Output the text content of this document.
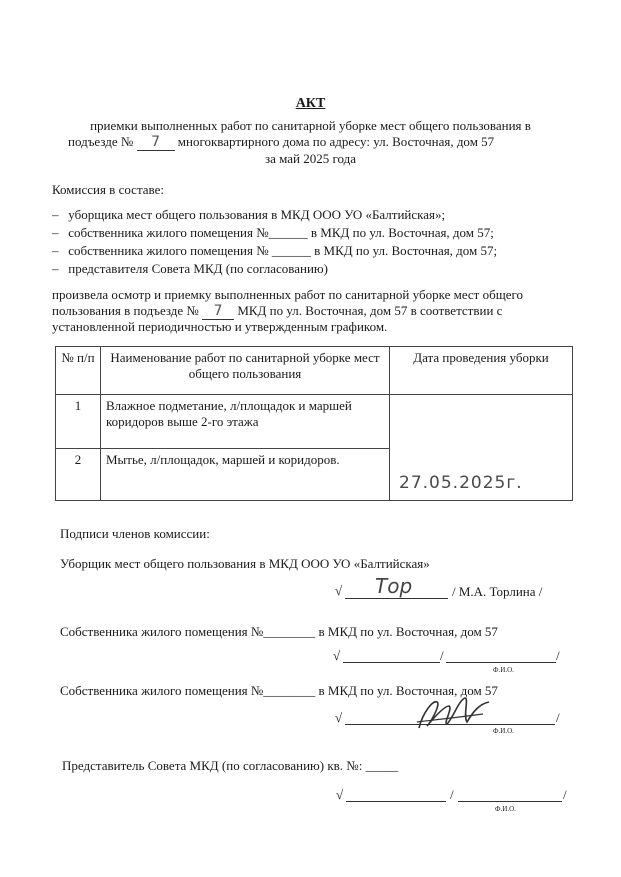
АКТ
приемки выполненных работ по санитарной уборке мест общего пользования в
подъезде № 7 многоквартирного дома по адресу: ул. Восточная, дом 57
за май 2025 года
Комиссия в составе:
–   уборщика мест общего пользования в МКД ООО УО «Балтийская»;
–   собственника жилого помещения №______ в МКД по ул. Восточная, дом 57;
–   собственника жилого помещения № ______ в МКД по ул. Восточная, дом 57;
–   представителя Совета МКД (по согласованию)
произвела осмотр и приемку выполненных работ по санитарной уборке мест общего
пользования в подъезде № 7 МКД по ул. Восточная, дом 57 в соответствии с
установленной периодичностью и утвержденным графиком.
№ п/п	Наименование работ по санитарной уборке мест общего пользования	Дата проведения уборки
1	Влажное подметание, л/площадок и маршей коридоров выше 2-го этажа	27.05.2025г.

2	Мытье, л/площадок, маршей и коридоров.	
Подписи членов комиссии:
Уборщик мест общего пользования в МКД ООО УО «Балтийская»
√ Тор	/ М.А. Торлина /
Собственника жилого помещения №________ в МКД по ул. Восточная, дом 57
√	/	/
Ф.И.О.
Собственника жилого помещения №________ в МКД по ул. Восточная, дом 57
√	/
Ф.И.О.
Представитель Совета МКД (по согласованию) кв. №: _____
√	/	/
Ф.И.О.
